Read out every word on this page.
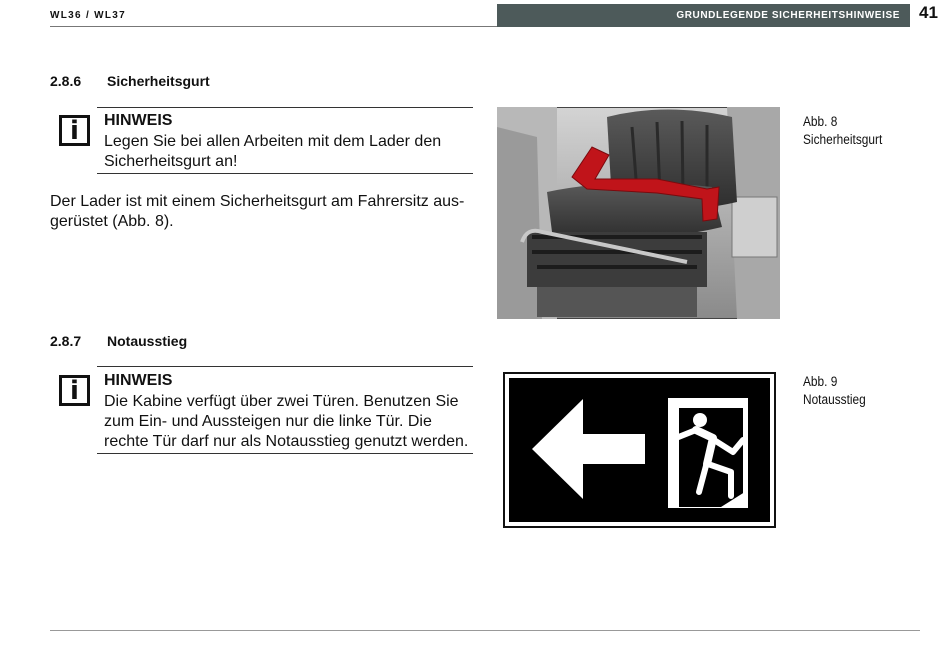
WL36 / WL37	GRUNDLEGENDE SICHERHEITSHINWEISE 41
2.8.6 Sicherheitsgurt
i HINWEIS
Legen Sie bei allen Arbeiten mit dem Lader den
Sicherheitsgurt an!
Der Lader ist mit einem Sicherheitsgurt am Fahrersitz aus-
gerüstet (Abb. 8).
Abb. 8
Sicherheitsgurt
2.8.7 Notausstieg
i HINWEIS
Die Kabine verfügt über zwei Türen. Benutzen Sie
zum Ein- und Aussteigen nur die linke Tür. Die
rechte Tür darf nur als Notausstieg genutzt werden.
Abb. 9
Notausstieg
